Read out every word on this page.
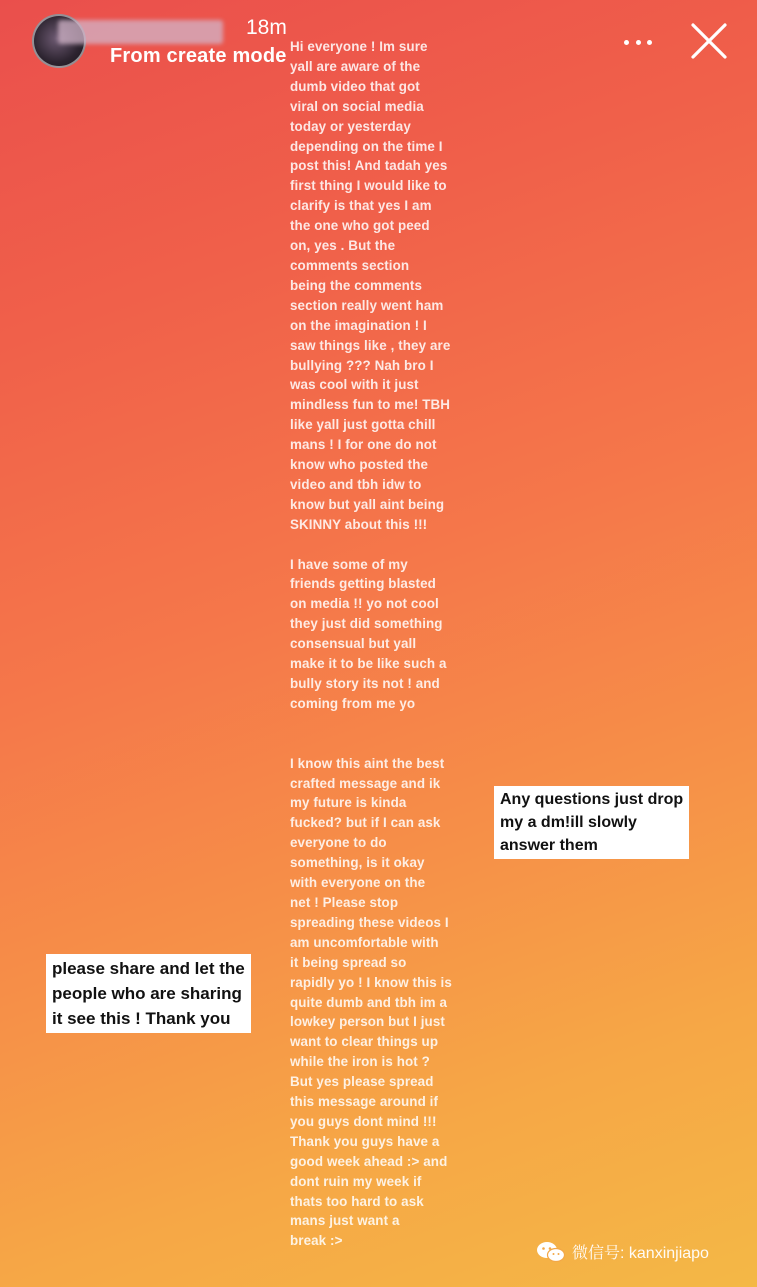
18m
From create mode Hi everyone ! Im sure
yall are aware of the
dumb video that got
viral on social media
today or yesterday
depending on the time I
post this! And tadah yes
first thing I would like to
clarify is that yes I am
the one who got peed
on, yes . But the
comments section
being the comments
section really went ham
on the imagination ! I
saw things like , they are
bullying ??? Nah bro I
was cool with it just
mindless fun to me! TBH
like yall just gotta chill
mans ! I for one do not
know who posted the
video and tbh idw to
know but yall aint being
SKINNY about this !!!
I have some of my
friends getting blasted
on media !! yo not cool
they just did something
consensual but yall
make it to be like such a
bully story its not ! and
coming from me yo
I know this aint the best
crafted message and ik
my future is kinda
fucked? but if I can ask
everyone to do
something, is it okay
with everyone on the
net ! Please stop
spreading these videos I
am uncomfortable with
it being spread so
rapidly yo ! I know this is
quite dumb and tbh im a
lowkey person but I just
want to clear things up
while the iron is hot ?
But yes please spread
this message around if
you guys dont mind !!!
Thank you guys have a
good week ahead :> and
dont ruin my week if
thats too hard to ask
mans just want a
break :>
Any questions just drop
my a dm!ill slowly
answer them
please share and let the
people who are sharing
it see this ! Thank you
微信号: kanxinjiapo
